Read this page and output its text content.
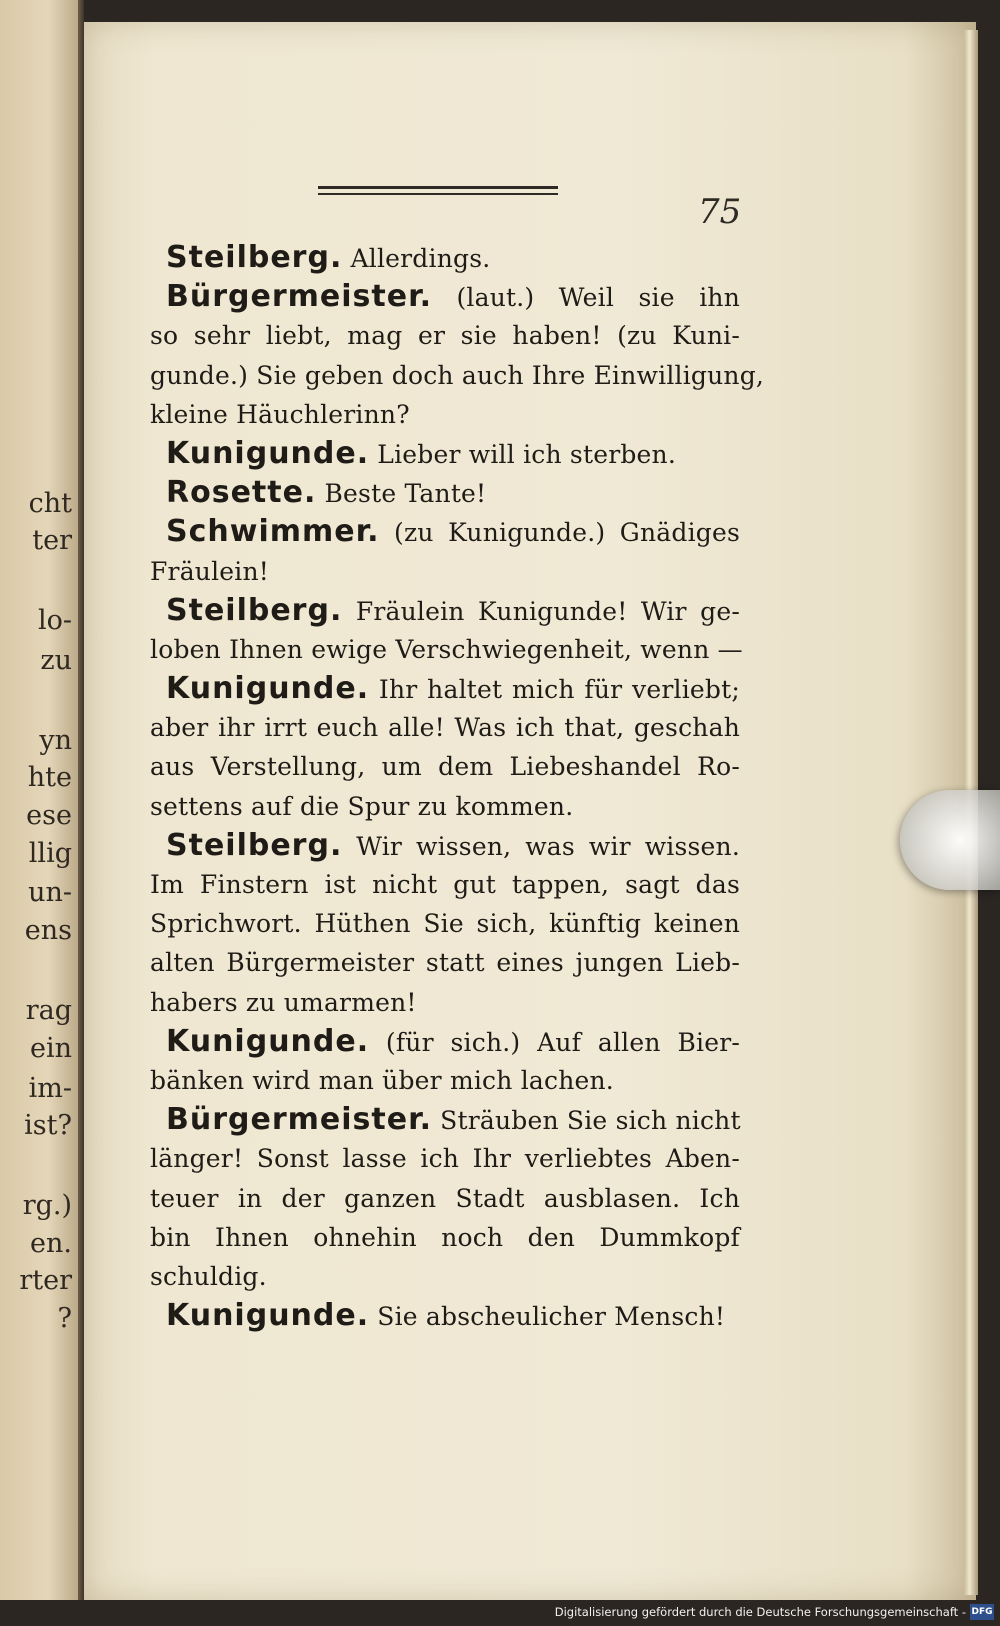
cht
ter
lo-
zu
yn
hte
ese
llig
un-
ens
rag
ein
im-
ist?
rg.)
en.
rter
?
75
Steilberg. Allerdings.
Bürgermeister. (laut.) Weil sie ihn
so sehr liebt, mag er sie haben! (zu Kuni-
gunde.) Sie geben doch auch Ihre Einwilligung,
kleine Häuchlerinn?
Kunigunde. Lieber will ich sterben.
Rosette. Beste Tante!
Schwimmer. (zu Kunigunde.) Gnädiges
Fräulein!
Steilberg. Fräulein Kunigunde! Wir ge-
loben Ihnen ewige Verschwiegenheit, wenn —
Kunigunde. Ihr haltet mich für verliebt;
aber ihr irrt euch alle! Was ich that, geschah
aus Verstellung, um dem Liebeshandel Ro-
settens auf die Spur zu kommen.
Steilberg. Wir wissen, was wir wissen.
Im Finstern ist nicht gut tappen, sagt das
Sprichwort. Hüthen Sie sich, künftig keinen
alten Bürgermeister statt eines jungen Lieb-
habers zu umarmen!
Kunigunde. (für sich.) Auf allen Bier-
bänken wird man über mich lachen.
Bürgermeister. Sträuben Sie sich nicht
länger! Sonst lasse ich Ihr verliebtes Aben-
teuer in der ganzen Stadt ausblasen. Ich
bin Ihnen ohnehin noch den Dummkopf
schuldig.
Kunigunde. Sie abscheulicher Mensch!
Digitalisierung gefördert durch die Deutsche Forschungsgemeinschaft - DFG
